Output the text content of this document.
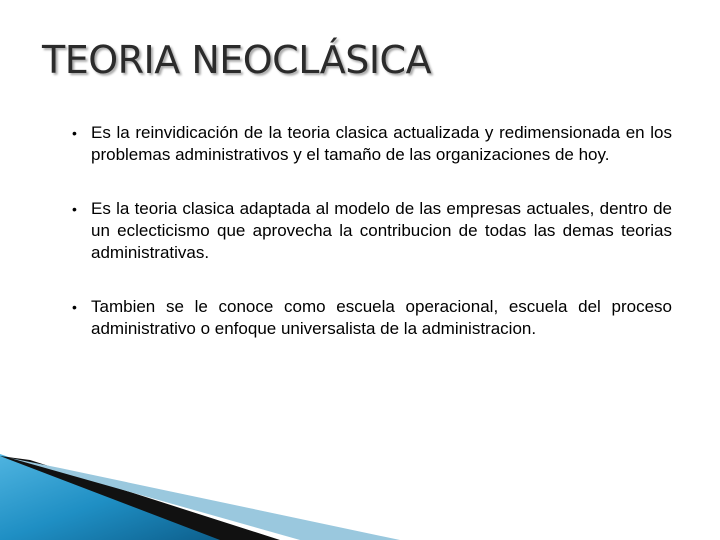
TEORIA NEOCLÁSICA
• Es la reinvidicación de la teoria clasica actualizada y redimensionada en los problemas administrativos y el tamaño de las organizaciones de hoy.
• Es la teoria clasica adaptada al modelo de las empresas actuales, dentro de un eclecticismo que aprovecha la contribucion de todas las demas teorias administrativas.
• Tambien se le conoce como escuela operacional, escuela del proceso administrativo o enfoque universalista de la administracion.
